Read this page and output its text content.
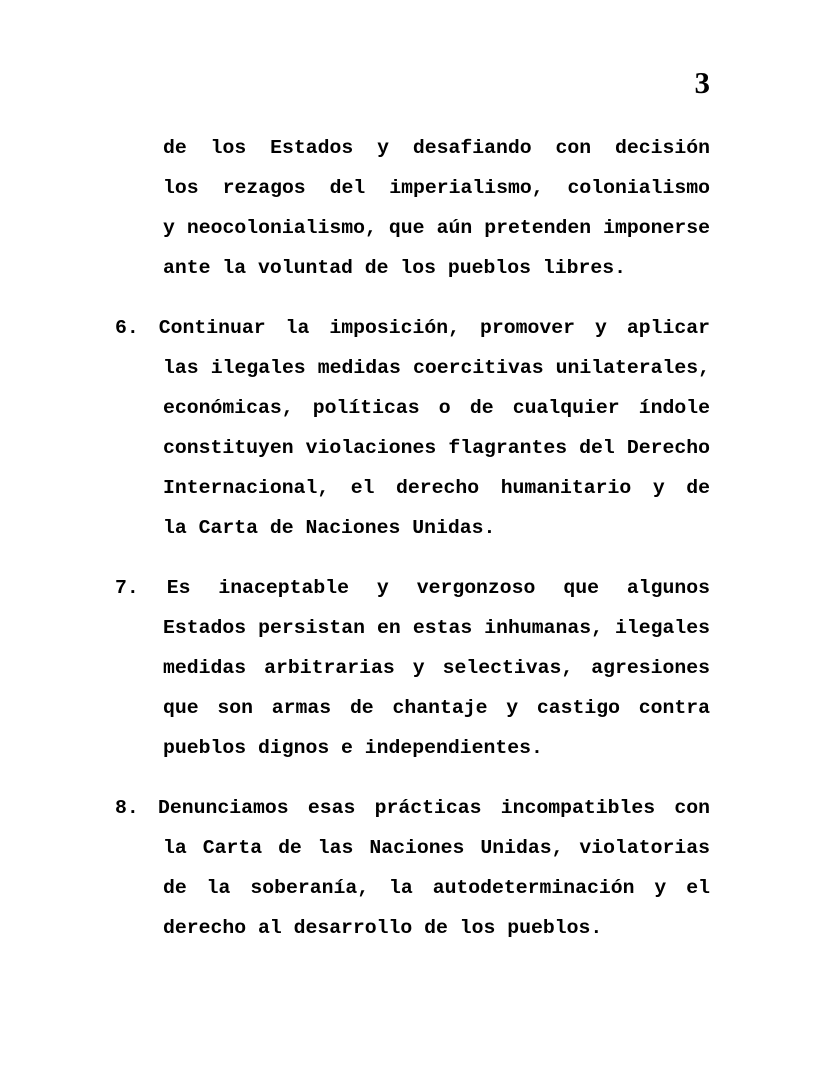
3
de los Estados y desafiando con decisión
los rezagos del imperialismo, colonialismo
y neocolonialismo, que aún pretenden imponerse
ante la voluntad de los pueblos libres.
6. Continuar la imposición, promover y aplicar
las ilegales medidas coercitivas unilaterales,
económicas, políticas o de cualquier índole
constituyen violaciones flagrantes del Derecho
Internacional, el derecho humanitario y de
la Carta de Naciones Unidas.
7. Es inaceptable y vergonzoso que algunos
Estados persistan en estas inhumanas, ilegales
medidas arbitrarias y selectivas, agresiones
que son armas de chantaje y castigo contra
pueblos dignos e independientes.
8. Denunciamos esas prácticas incompatibles con
la Carta de las Naciones Unidas, violatorias
de la soberanía, la autodeterminación y el
derecho al desarrollo de los pueblos.
